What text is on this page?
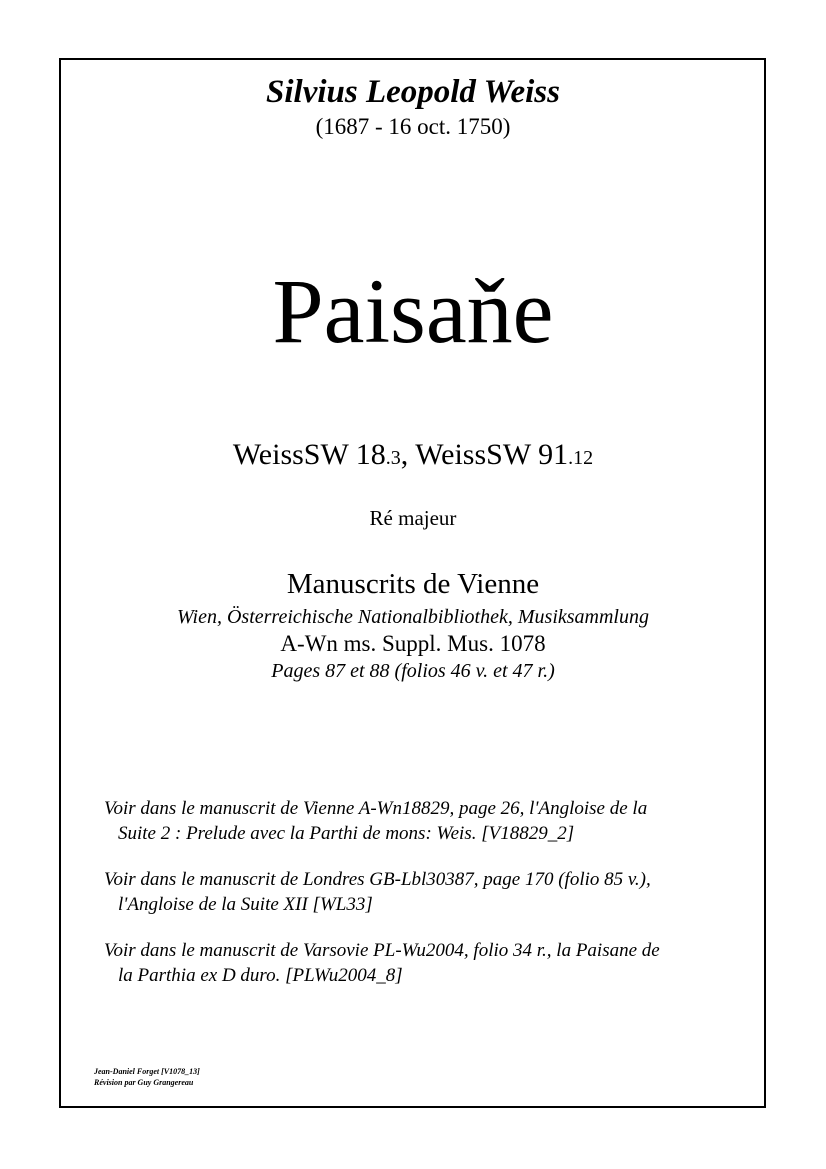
Silvius Leopold Weiss
(1687 - 16 oct. 1750)
Paisaňe
WeissSW 18.3, WeissSW 91.12
Ré majeur
Manuscrits de Vienne
Wien, Österreichische Nationalbibliothek, Musiksammlung
A-Wn ms. Suppl. Mus. 1078
Pages 87 et 88 (folios 46 v. et 47 r.)
Voir dans le manuscrit de Vienne A-Wn18829, page 26, l'Angloise de la
Suite 2 : Prelude avec la Parthi de mons: Weis. [V18829_2]
Voir dans le manuscrit de Londres GB-Lbl30387, page 170 (folio 85 v.),
l'Angloise de la Suite XII [WL33]
Voir dans le manuscrit de Varsovie PL-Wu2004, folio 34 r., la Paisane de
la Parthia ex D duro. [PLWu2004_8]
Jean-Daniel Forget [V1078_13]
Révision par Guy Grangereau
